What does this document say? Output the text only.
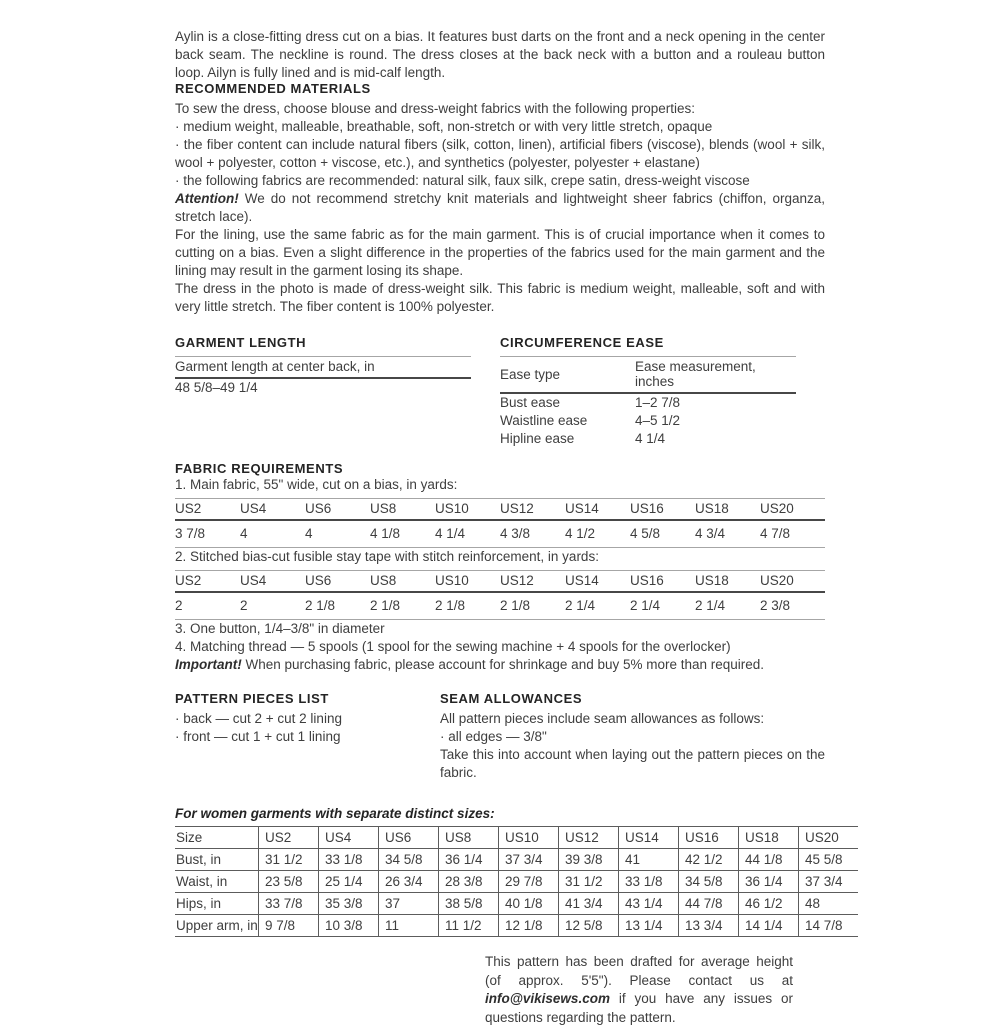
Aylin is a close-fitting dress cut on a bias. It features bust darts on the front and a neck opening in the center back seam. The neckline is round. The dress closes at the back neck with a button and a rouleau button loop. Ailyn is fully lined and is mid-calf length.

RECOMMENDED MATERIALS

To sew the dress, choose blouse and dress-weight fabrics with the following properties:

· medium weight, malleable, breathable, soft, non-stretch or with very little stretch, opaque

· the fiber content can include natural fibers (silk, cotton, linen), artificial fibers (viscose), blends (wool + silk, wool + polyester, cotton + viscose, etc.), and synthetics (polyester, polyester + elastane)

· the following fabrics are recommended: natural silk, faux silk, crepe satin, dress-weight viscose

Attention! We do not recommend stretchy knit materials and lightweight sheer fabrics (chiffon, organza, stretch lace).

For the lining, use the same fabric as for the main garment. This is of crucial importance when it comes to cutting on a bias. Even a slight difference in the properties of the fabrics used for the main garment and the lining may result in the garment losing its shape.

The dress in the photo is made of dress-weight silk. This fabric is medium weight, malleable, soft and with very little stretch. The fiber content is 100% polyester.

GARMENT LENGTH
Garment length at center back, in
48 5/8–49 1/4
CIRCUMFERENCE EASE
Ease type	Ease measurement, inches
Bust ease	1–2 7/8
Waistline ease	4–5 1/2
Hipline ease	4 1/4
FABRIC REQUIREMENTS

1. Main fabric, 55" wide, cut on a bias, in yards:

US2	US4	US6	US8	US10	US12	US14	US16	US18	US20
3 7/8	4	4	4 1/8	4 1/4	4 3/8	4 1/2	4 5/8	4 3/4	4 7/8

2. Stitched bias-cut fusible stay tape with stitch reinforcement, in yards:

US2	US4	US6	US8	US10	US12	US14	US16	US18	US20
2	2	2 1/8	2 1/8	2 1/8	2 1/8	2 1/4	2 1/4	2 1/4	2 3/8

3. One button, 1/4–3/8" in diameter

4. Matching thread — 5 spools (1 spool for the sewing machine + 4 spools for the overlocker)

Important! When purchasing fabric, please account for shrinkage and buy 5% more than required.

PATTERN PIECES LIST

· back — cut 2 + cut 2 lining

· front — cut 1 + cut 1 lining

SEAM ALLOWANCES

All pattern pieces include seam allowances as follows:

· all edges — 3/8"

Take this into account when laying out the pattern pieces on the fabric.

For women garments with separate distinct sizes:

Size	US2	US4	US6	US8	US10	US12	US14	US16	US18	US20
Bust, in	31 1/2	33 1/8	34 5/8	36 1/4	37 3/4	39 3/8	41	42 1/2	44 1/8	45 5/8
Waist, in	23 5/8	25 1/4	26 3/4	28 3/8	29 7/8	31 1/2	33 1/8	34 5/8	36 1/4	37 3/4
Hips, in	33 7/8	35 3/8	37	38 5/8	40 1/8	41 3/4	43 1/4	44 7/8	46 1/2	48
Upper arm, in	9 7/8	10 3/8	11	11 1/2	12 1/8	12 5/8	13 1/4	13 3/4	14 1/4	14 7/8

This pattern has been drafted for average height (of approx. 5'5"). Please contact us at info@vikisews.com if you have any issues or questions regarding the pattern.
